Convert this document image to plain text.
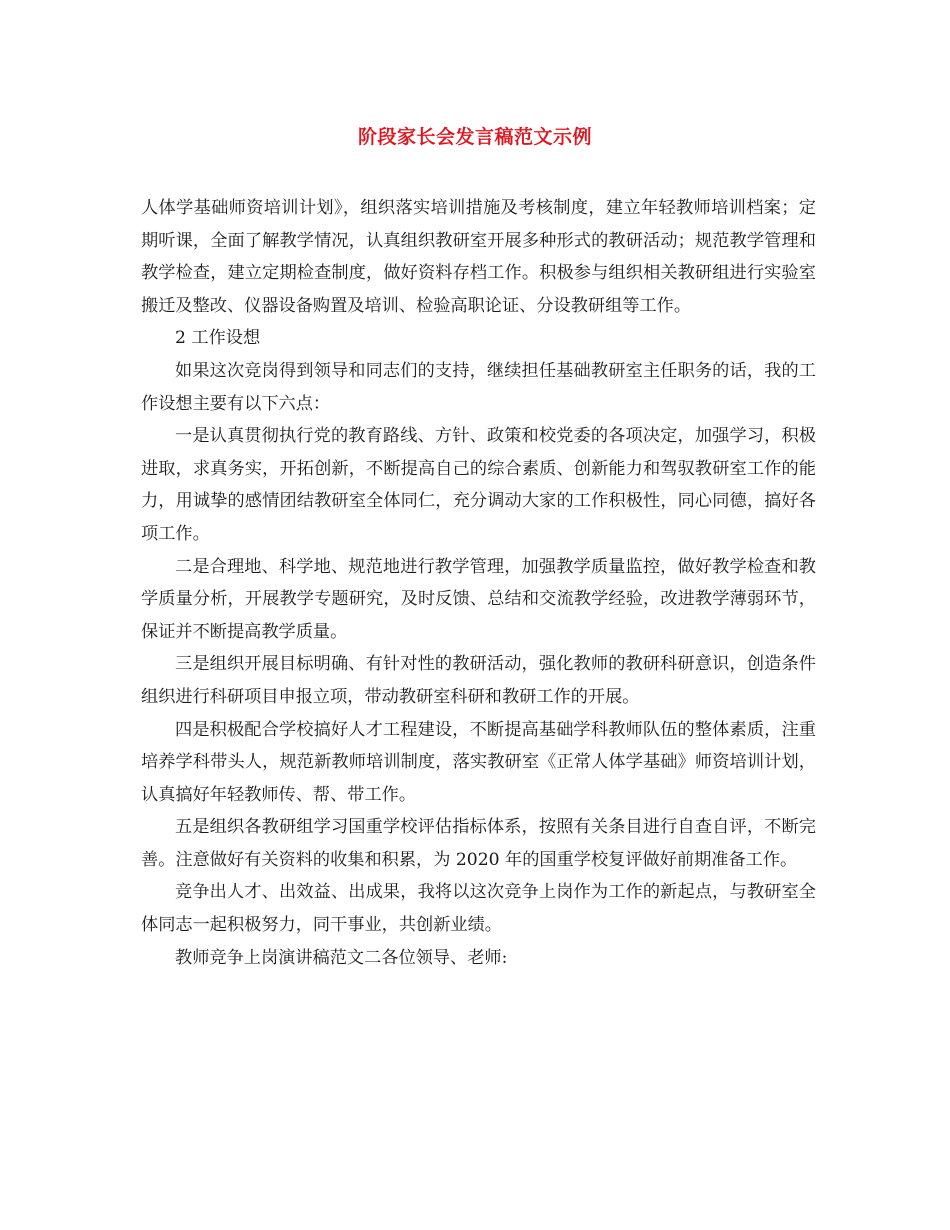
阶段家长会发言稿范文示例

人体学基础师资培训计划》，组织落实培训措施及考核制度，建立年轻教师培训档案；定期听课，全面了解教学情况，认真组织教研室开展多种形式的教研活动；规范教学管理和教学检查，建立定期检查制度，做好资料存档工作。积极参与组织相关教研组进行实验室搬迁及整改、仪器设备购置及培训、检验高职论证、分设教研组等工作。

2 工作设想

如果这次竞岗得到领导和同志们的支持，继续担任基础教研室主任职务的话，我的工作设想主要有以下六点：

一是认真贯彻执行党的教育路线、方针、政策和校党委的各项决定，加强学习，积极进取，求真务实，开拓创新，不断提高自己的综合素质、创新能力和驾驭教研室工作的能力，用诚挚的感情团结教研室全体同仁，充分调动大家的工作积极性，同心同德，搞好各项工作。

二是合理地、科学地、规范地进行教学管理，加强教学质量监控，做好教学检查和教学质量分析，开展教学专题研究，及时反馈、总结和交流教学经验，改进教学薄弱环节，保证并不断提高教学质量。

三是组织开展目标明确、有针对性的教研活动，强化教师的教研科研意识，创造条件组织进行科研项目申报立项，带动教研室科研和教研工作的开展。

四是积极配合学校搞好人才工程建设，不断提高基础学科教师队伍的整体素质，注重培养学科带头人，规范新教师培训制度，落实教研室《正常人体学基础》师资培训计划，认真搞好年轻教师传、帮、带工作。

五是组织各教研组学习国重学校评估指标体系，按照有关条目进行自查自评，不断完善。注意做好有关资料的收集和积累，为 2020 年的国重学校复评做好前期准备工作。

竞争出人才、出效益、出成果，我将以这次竞争上岗作为工作的新起点，与教研室全体同志一起积极努力，同干事业，共创新业绩。

教师竞争上岗演讲稿范文二各位领导、老师:
